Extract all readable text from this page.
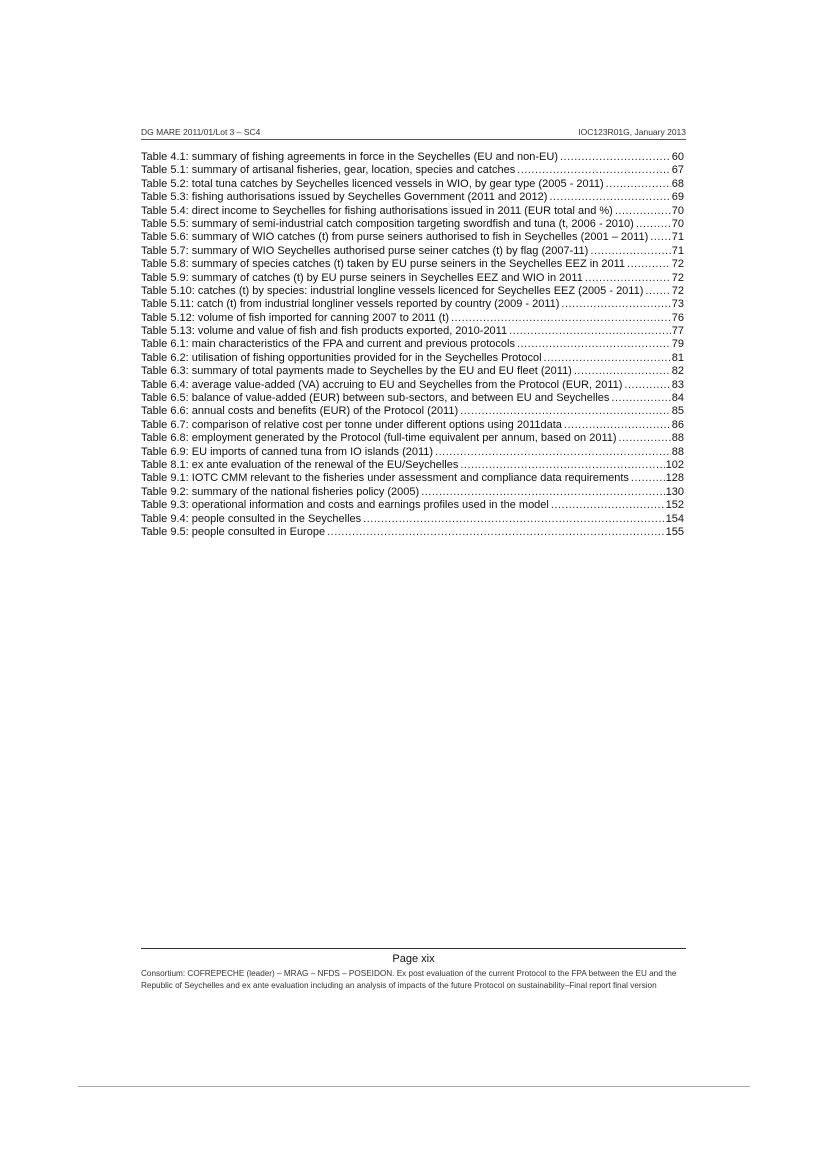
DG MARE 2011/01/Lot 3 – SC4	IOC123R01G, January 2013
Table 4.1: summary of fishing agreements in force in the Seychelles (EU and non-EU) .....	60
Table 5.1: summary of artisanal fisheries, gear, location, species and catches .....	67
Table 5.2: total tuna catches by Seychelles licenced vessels in WIO, by gear type (2005 - 2011) .....	68
Table 5.3: fishing authorisations issued by Seychelles Government (2011 and 2012) .....	69
Table 5.4: direct income to Seychelles for fishing authorisations issued in 2011 (EUR total and %) .....	70
Table 5.5: summary of semi-industrial catch composition targeting swordfish and tuna (t, 2006 - 2010) .....	70
Table 5.6: summary of WIO catches (t) from purse seiners authorised to fish in Seychelles (2001 – 2011) ..... 71
Table 5.7: summary of WIO Seychelles authorised purse seiner catches (t) by flag (2007-11) .....	71
Table 5.8: summary of species catches (t) taken by EU purse seiners in the Seychelles EEZ in 2011 .....	72
Table 5.9: summary of catches (t) by EU purse seiners in Seychelles EEZ and WIO in 2011 .....	72
Table 5.10: catches (t) by species: industrial longline vessels licenced for Seychelles EEZ (2005 - 2011) .....	72
Table 5.11: catch (t) from industrial longliner vessels reported by country (2009 - 2011) .....	73
Table 5.12: volume of fish imported for canning 2007 to 2011 (t) .....	76
Table 5.13: volume and value of fish and fish products exported, 2010-2011 .....	77
Table 6.1: main characteristics of the FPA and current and previous protocols .....	79
Table 6.2: utilisation of fishing opportunities provided for in the Seychelles Protocol .....	81
Table 6.3: summary of total payments made to Seychelles by the EU and EU fleet (2011) .....	82
Table 6.4: average value-added (VA) accruing to EU and Seychelles from the Protocol (EUR, 2011) .....	83
Table 6.5: balance of value-added (EUR) between sub-sectors, and between EU and Seychelles .....	84
Table 6.6: annual costs and benefits (EUR) of the Protocol (2011) .....	85
Table 6.7: comparison of relative cost per tonne under different options using 2011data .....	86
Table 6.8: employment generated by the Protocol (full-time equivalent per annum, based on 2011) .....	88
Table 6.9: EU imports of canned tuna from IO islands (2011) .....	88
Table 8.1: ex ante evaluation of the renewal of the EU/Seychelles .....	102
Table 9.1: IOTC CMM relevant to the fisheries under assessment and compliance data requirements .....	128
Table 9.2: summary of the national fisheries policy (2005) .....	130
Table 9.3: operational information and costs and earnings profiles used in the model .....	152
Table 9.4: people consulted in the Seychelles .....	154
Table 9.5: people consulted in Europe .....	155
Page xix
Consortium: COFREPECHE (leader) – MRAG – NFDS – POSEIDON. Ex post evaluation of the current Protocol to the FPA between the EU and the Republic of Seychelles and ex ante evaluation including an analysis of impacts of the future Protocol on sustainability–Final report final version
